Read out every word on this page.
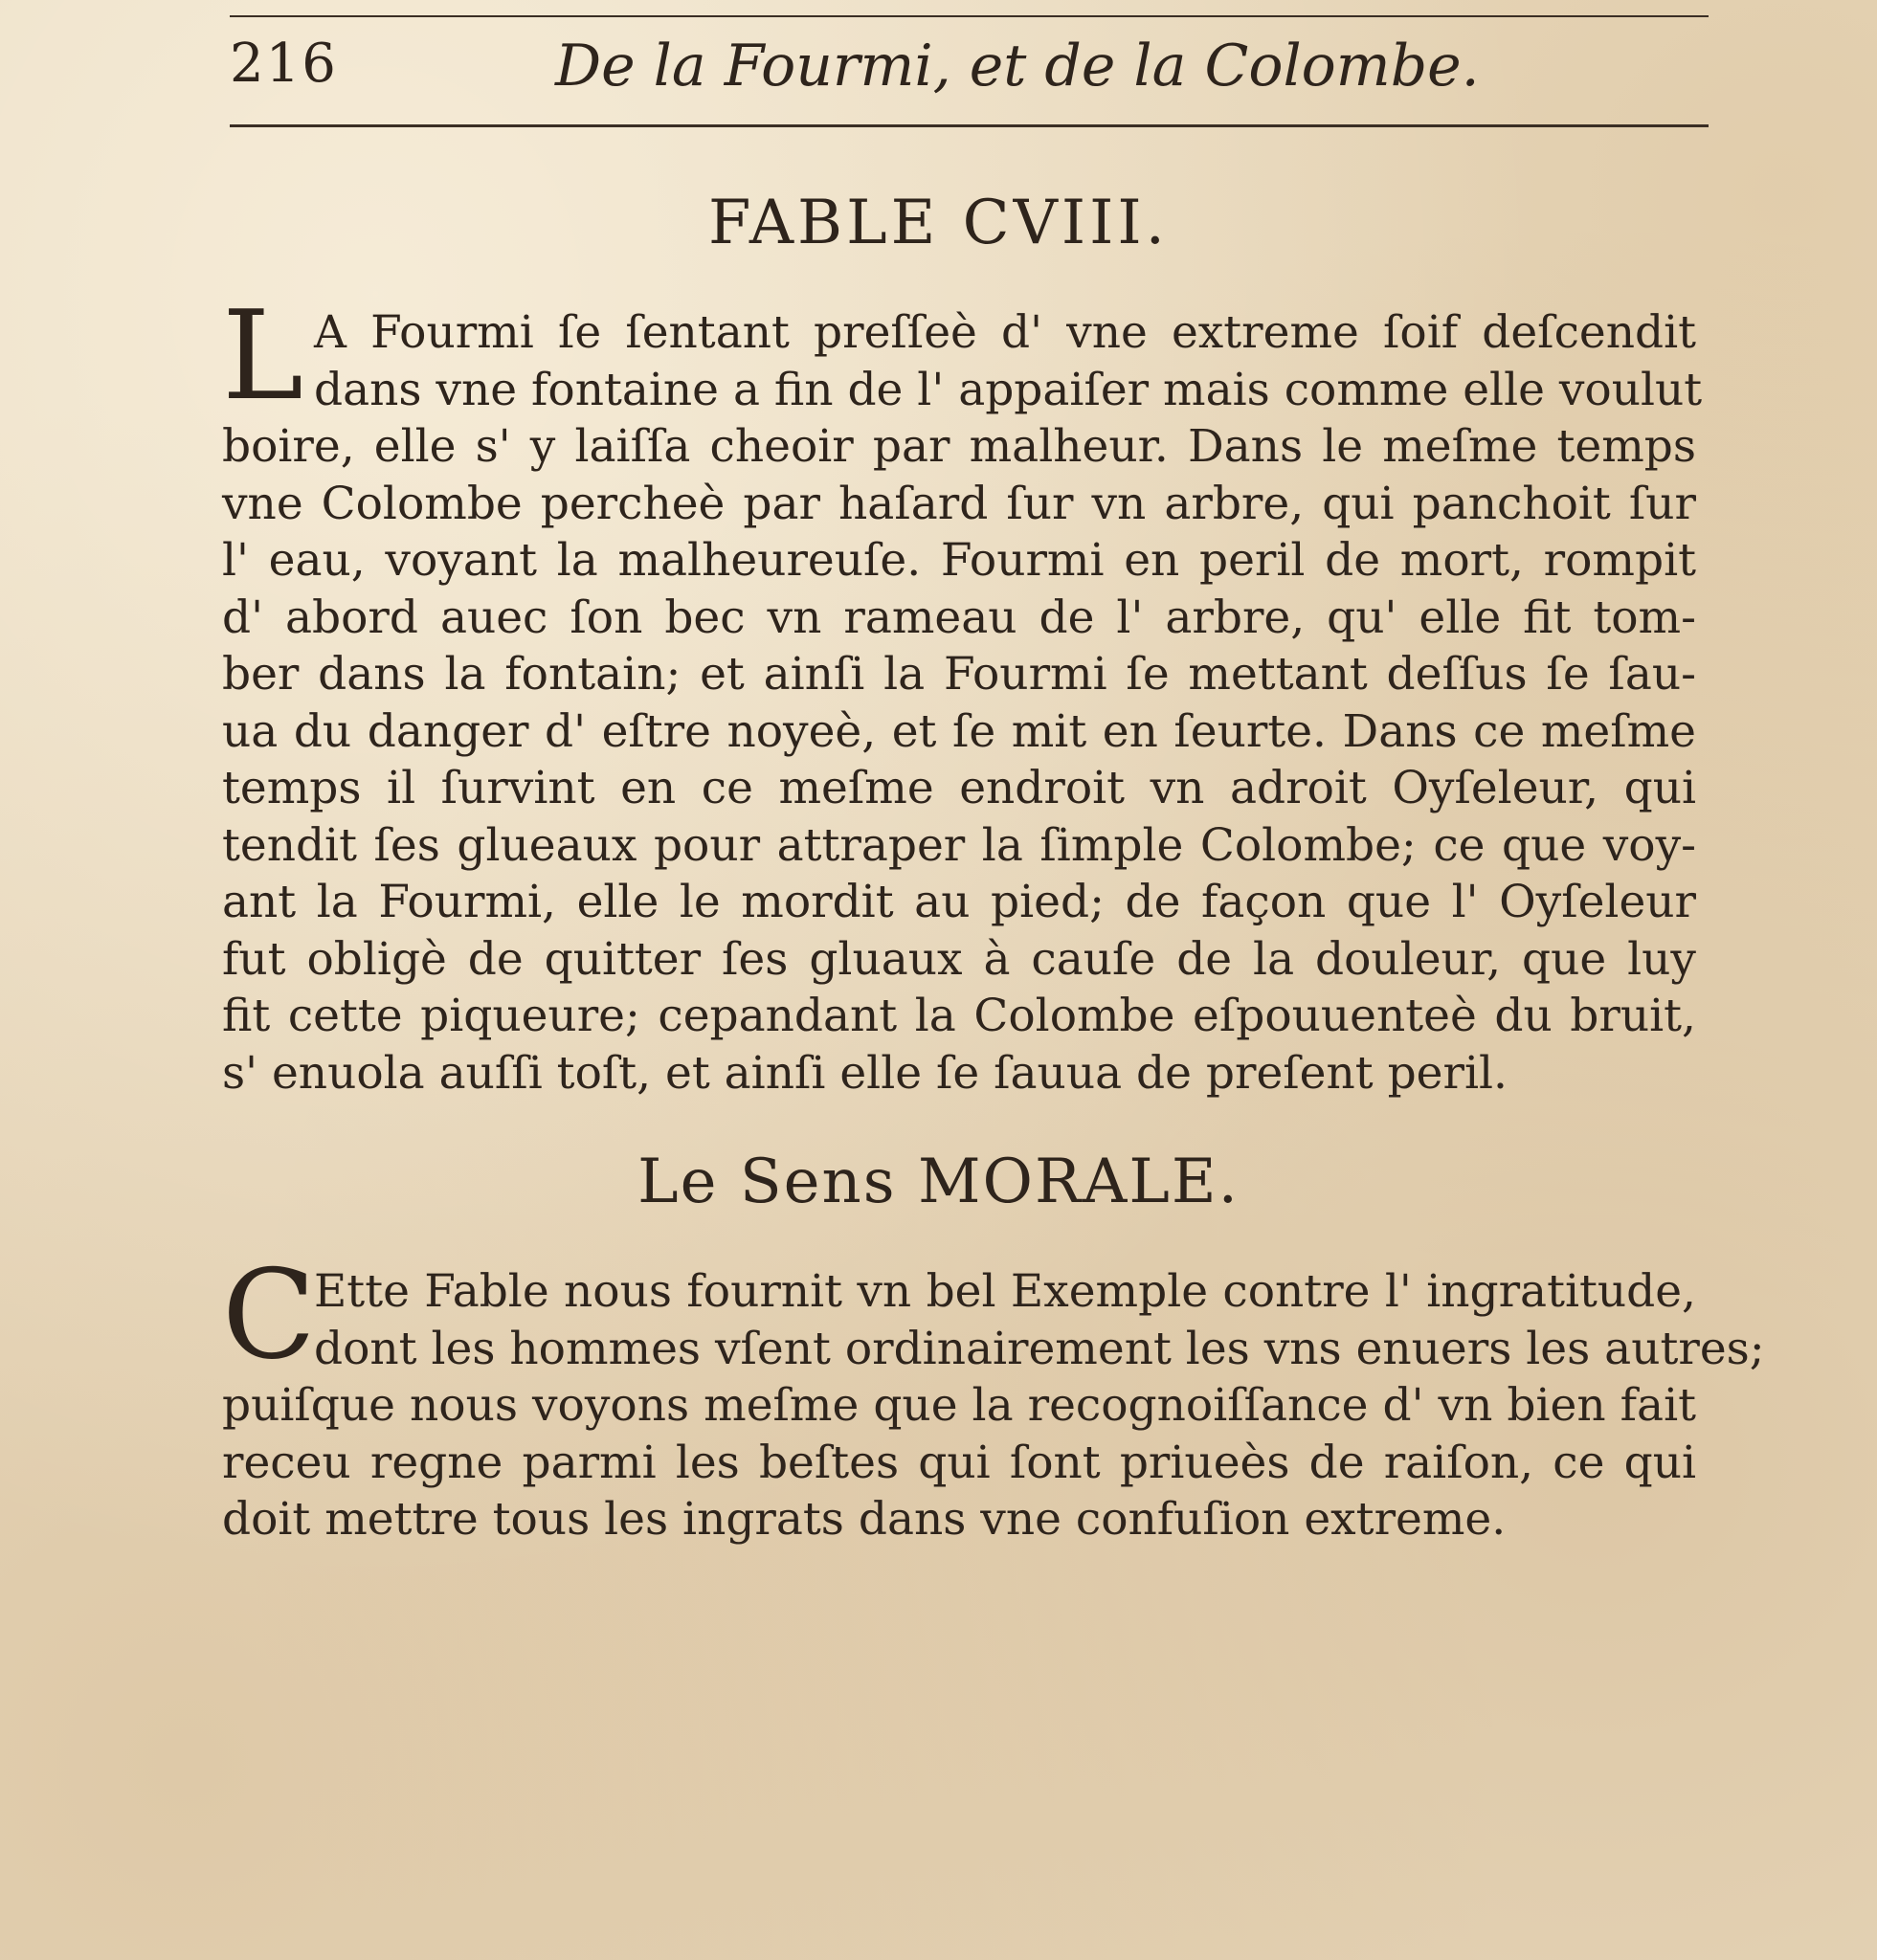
216	De la Fourmi, et de la Colombe.
FABLE CVIII.
L A Fourmi ſe ſentant preſſeè d' vne extreme ſoif deſcendit
dans vne fontaine a fin de l' appaiſer mais comme elle voulut
boire, elle s' y laiſſa cheoir par malheur. Dans le meſme temps
vne Colombe percheè par haſard ſur vn arbre, qui panchoit ſur
l' eau, voyant la malheureuſe. Fourmi en peril de mort, rompit
d' abord auec ſon bec vn rameau de l' arbre, qu' elle fit tom-
ber dans la fontain; et ainſi la Fourmi ſe mettant deſſus ſe ſau-
ua du danger d' eſtre noyeè, et ſe mit en ſeurte. Dans ce meſme
temps il ſurvint en ce meſme endroit vn adroit Oyſeleur, qui
tendit ſes glueaux pour attraper la ſimple Colombe; ce que voy-
ant la Fourmi, elle le mordit au pied; de façon que l' Oyſeleur
fut obligè de quitter ſes gluaux à cauſe de la douleur, que luy
fit cette piqueure; cepandant la Colombe eſpouuenteè du bruit,
s' enuola auſſi toſt, et ainſi elle ſe ſauua de preſent peril.
Le Sens MORALE.
C
Ette Fable nous fournit vn bel Exemple contre l' ingratitude,
dont les hommes vſent ordinairement les vns enuers les autres;
puiſque nous voyons meſme que la recognoiſſance d' vn bien fait
receu regne parmi les beſtes qui ſont priueès de raiſon, ce qui
doit mettre tous les ingrats dans vne confuſion extreme.
